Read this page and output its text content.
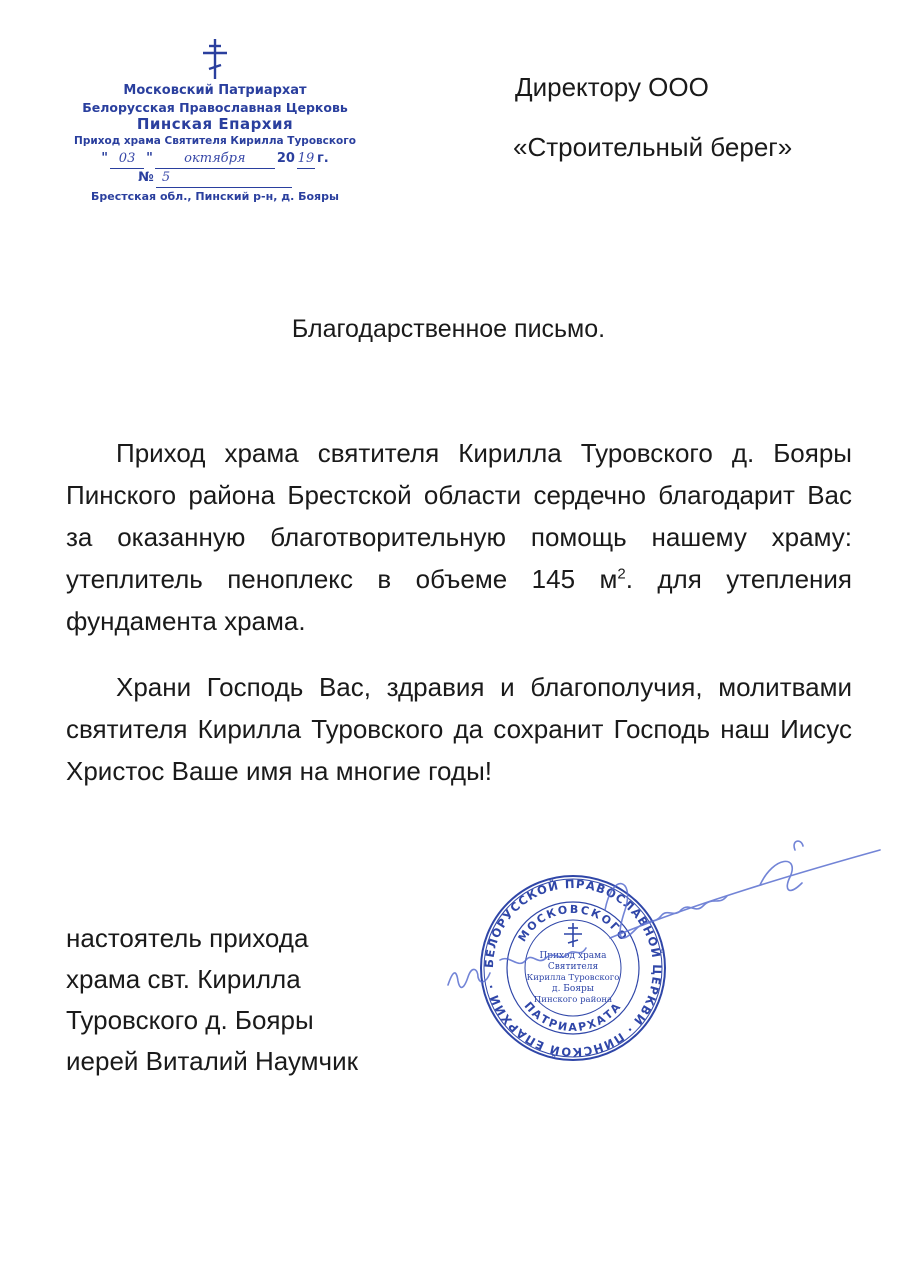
Московский Патриархат
Белорусская Православная Церковь
Пинская Епархия
Приход храма Святителя Кирилла Туровского
" 03 "	октября	20 19 г.
№ 5
Брестская обл., Пинский р-н, д. Бояры
Директору ООО
«Строительный берег»
Благодарственное письмо.
Приход храма святителя Кирилла Туровского д. Бояры Пинского района Брестской области сердечно благодарит Вас за оказанную благотворительную помощь нашему храму: утеплитель пеноплекс в объеме 145 $м^2$. для утепления фундамента храма.
Храни Господь Вас, здравия и благополучия, молитвами святителя Кирилла Туровского да сохранит Господь наш Иисус Христос Ваше имя на многие годы!
настоятель прихода
храма свт. Кирилла
Туровского д. Бояры
иерей Виталий Наумчик
БЕЛОРУССКОЙ ПРАВОСЛАВНОЙ ЦЕРКВИ · ПИНСКОЙ ЕПАРХИИ ·
МОСКОВСКОГО
ПАТРИАРХАТА
Приход храма
Святителя
Кирилла Туровского
д. Бояры
Пинского района
